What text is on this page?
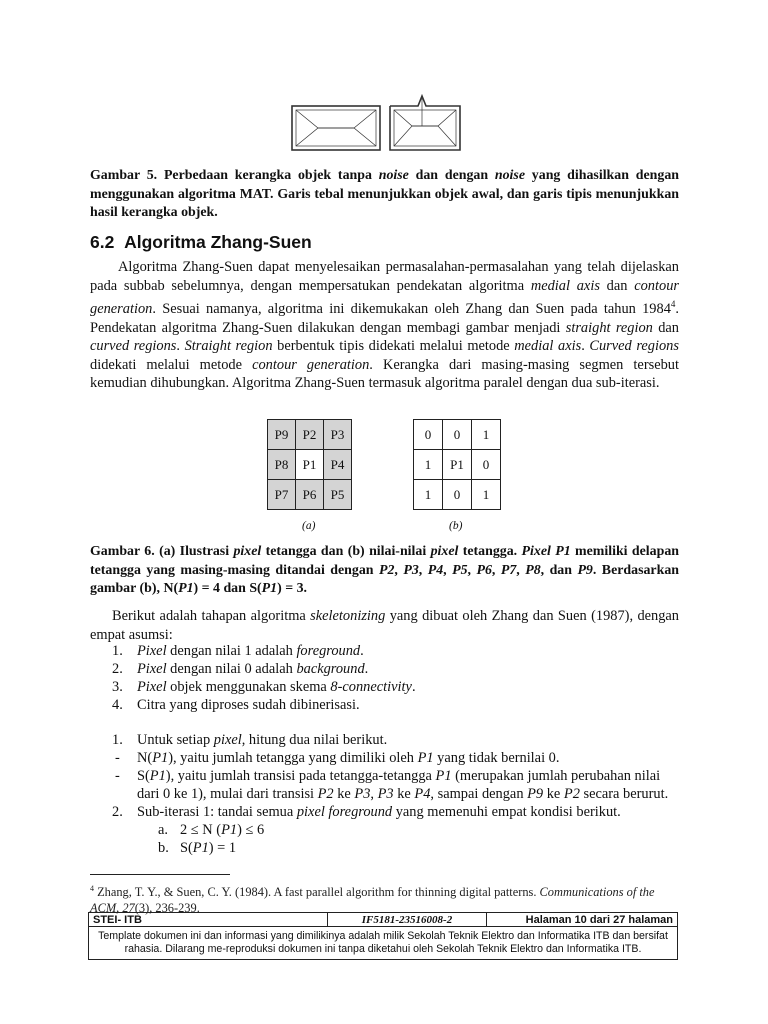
Gambar 5. Perbedaan kerangka objek tanpa noise dan dengan noise yang dihasilkan dengan menggunakan algoritma MAT. Garis tebal menunjukkan objek awal, dan garis tipis menunjukkan hasil kerangka objek.
6.2 Algoritma Zhang-Suen
Algoritma Zhang-Suen dapat menyelesaikan permasalahan-permasalahan yang telah dijelaskan pada subbab sebelumnya, dengan mempersatukan pendekatan algoritma medial axis dan contour generation. Sesuai namanya, algoritma ini dikemukakan oleh Zhang dan Suen pada tahun 1984$^4$. Pendekatan algoritma Zhang-Suen dilakukan dengan membagi gambar menjadi straight region dan curved regions. Straight region berbentuk tipis didekati melalui metode medial axis. Curved regions didekati melalui metode contour generation. Kerangka dari masing-masing segmen tersebut kemudian dihubungkan. Algoritma Zhang-Suen termasuk algoritma paralel dengan dua sub-iterasi.
P9	P2	P3
P8	P1	P4
P7	P6	P5
0	0	1
1	P1	0
1	0	1
(a)	(b)
Gambar 6. (a) Ilustrasi pixel tetangga dan (b) nilai-nilai pixel tetangga. Pixel P1 memiliki delapan tetangga yang masing-masing ditandai dengan P2, P3, P4, P5, P6, P7, P8, dan P9. Berdasarkan gambar (b), N(P1) = 4 dan S(P1) = 3.
Berikut adalah tahapan algoritma skeletonizing yang dibuat oleh Zhang dan Suen (1987), dengan empat asumsi:
1. Pixel dengan nilai 1 adalah foreground.
2. Pixel dengan nilai 0 adalah background.
3. Pixel objek menggunakan skema 8-connectivity.
4. Citra yang diproses sudah dibinerisasi.
1. Untuk setiap pixel, hitung dua nilai berikut.
- N(P1), yaitu jumlah tetangga yang dimiliki oleh P1 yang tidak bernilai 0.
- S(P1), yaitu jumlah transisi pada tetangga-tetangga P1 (merupakan jumlah perubahan nilai
dari 0 ke 1), mulai dari transisi P2 ke P3, P3 ke P4, sampai dengan P9 ke P2 secara berurut.
2. Sub-iterasi 1: tandai semua pixel foreground yang memenuhi empat kondisi berikut.
a. 2 ≤ N (P1) ≤ 6
b. S(P1) = 1
$^4$ Zhang, T. Y., & Suen, C. Y. (1984). A fast parallel algorithm for thinning digital patterns. Communications of the ACM, 27(3), 236-239.
STEI- ITB	IF5181-23516008-2	Halaman 10 dari 27 halaman
Template dokumen ini dan informasi yang dimilikinya adalah milik Sekolah Teknik Elektro dan Informatika ITB dan bersifat rahasia. Dilarang me-reproduksi dokumen ini tanpa diketahui oleh Sekolah Teknik Elektro dan Informatika ITB.
